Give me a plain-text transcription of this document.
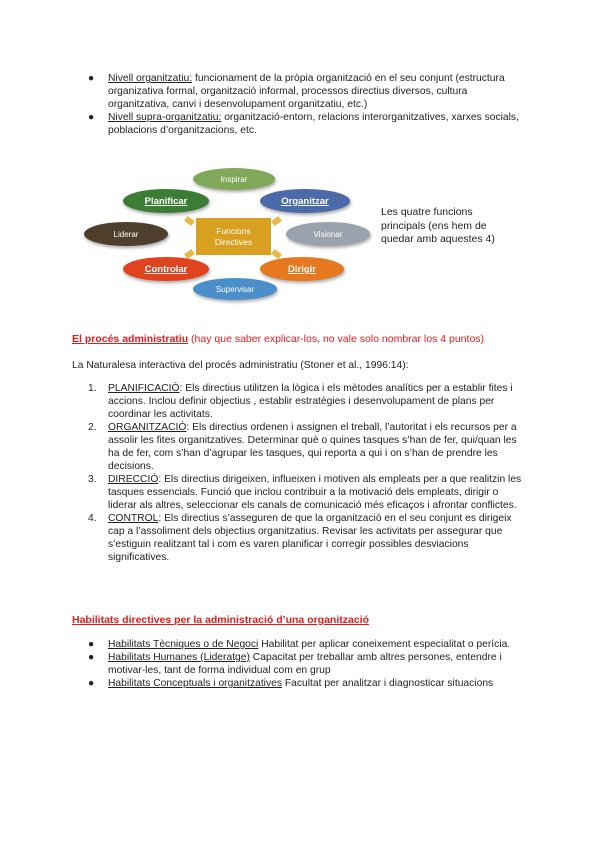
● Nivell organitzatiu: funcionament de la pròpia organització en el seu conjunt (estructura organizativa formal, organització informal, processos directius diversos, cultura organitzativa, canvi i desenvolupament organitzatiu, etc.)
● Nivell supra-organitzatiu: organització-entorn, relacions interorganitzatives, xarxes socials, poblacions d’organitzacions, etc.
Inspirar
Planificar	Organitzar
Liderar	Visionar
Funcions
Directives
Controlar	Dirigir
Supervisar
Les quatre funcions principals (ens hem de quedar amb aquestes 4)
El procés administratiu (hay que saber explicar-los, no vale solo nombrar los 4 puntos)
La Naturalesa interactiva del procés administratiu (Stoner et al., 1996:14):
1. PLANIFICACIÓ: Els directius utilitzen la lògica i els mètodes analítics per a establir fites i accions. Inclou definir objectius , establir estratègies i desenvolupament de plans per coordinar les activitats.
2. ORGANITZACIÓ: Els directius ordenen i assignen el treball, l’autoritat i els recursos per a assolir les fites organitzatives. Determinar què o quines tasques s’han de fer, qui/quan les ha de fer, com s’han d’agrupar les tasques, qui reporta a qui i on s’han de prendre les decisions.
3. DIRECCIÓ: Els directius dirigeixen, influeixen i motiven als empleats per a que realitzin les tasques essencials. Funció que inclou contribuir a la motivació dels empleats, dirigir o liderar als altres, seleccionar els canals de comunicació més eficaços i afrontar conflictes.
4. CONTROL: Els directius s’asseguren de que la organització en el seu conjunt es dirigeix cap a l’assoliment dels objectius organitzatius. Revisar les activitats per assegurar que s’estiguin realitzant tal i com es varen planificar i corregir possibles desviacions significatives.
Habilitats directives per la administració d’una organització
● Habilitats Tècniques o de Negoci Habilitat per aplicar coneixement especialitat o perícia.
● Habilitats Humanes (Lideratge) Capacitat per treballar amb altres persones, entendre i motivar-les, tant de forma individual com en grup
● Habilitats Conceptuals i organitzatives Facultat per analitzar i diagnosticar situacions
